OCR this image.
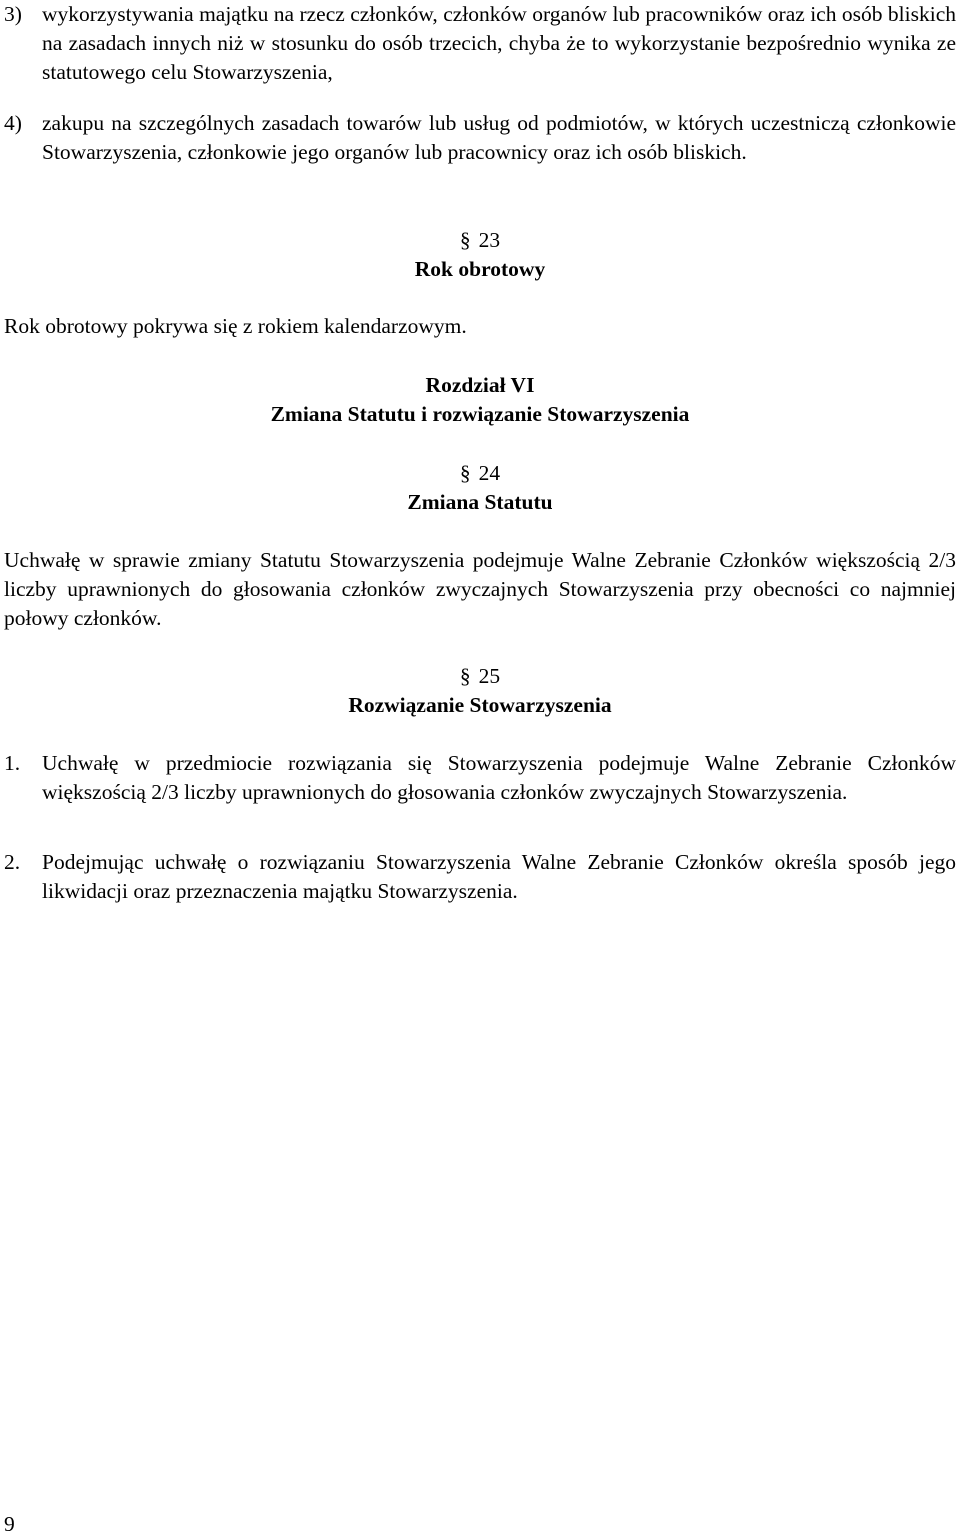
3) wykorzystywania majątku na rzecz członków, członków organów lub pracowników oraz ich osób bliskich na zasadach innych niż w stosunku do osób trzecich, chyba że to wykorzystanie bezpośrednio wynika ze statutowego celu Stowarzyszenia,
4) zakupu na szczególnych zasadach towarów lub usług od podmiotów, w których uczestniczą członkowie Stowarzyszenia, członkowie jego organów lub pracownicy oraz ich osób bliskich.
§ 23
Rok obrotowy
Rok obrotowy pokrywa się z rokiem kalendarzowym.
Rozdział VI
Zmiana Statutu i rozwiązanie Stowarzyszenia
§ 24
Zmiana Statutu
Uchwałę w sprawie zmiany Statutu Stowarzyszenia podejmuje Walne Zebranie Członków większością 2/3 liczby uprawnionych do głosowania członków zwyczajnych Stowarzyszenia przy obecności co najmniej połowy członków.
§ 25
Rozwiązanie Stowarzyszenia
1. Uchwałę w przedmiocie rozwiązania się Stowarzyszenia podejmuje Walne Zebranie Członków większością 2/3 liczby uprawnionych do głosowania członków zwyczajnych Stowarzyszenia.
2. Podejmując uchwałę o rozwiązaniu Stowarzyszenia Walne Zebranie Członków określa sposób jego likwidacji oraz przeznaczenia majątku Stowarzyszenia.
9
